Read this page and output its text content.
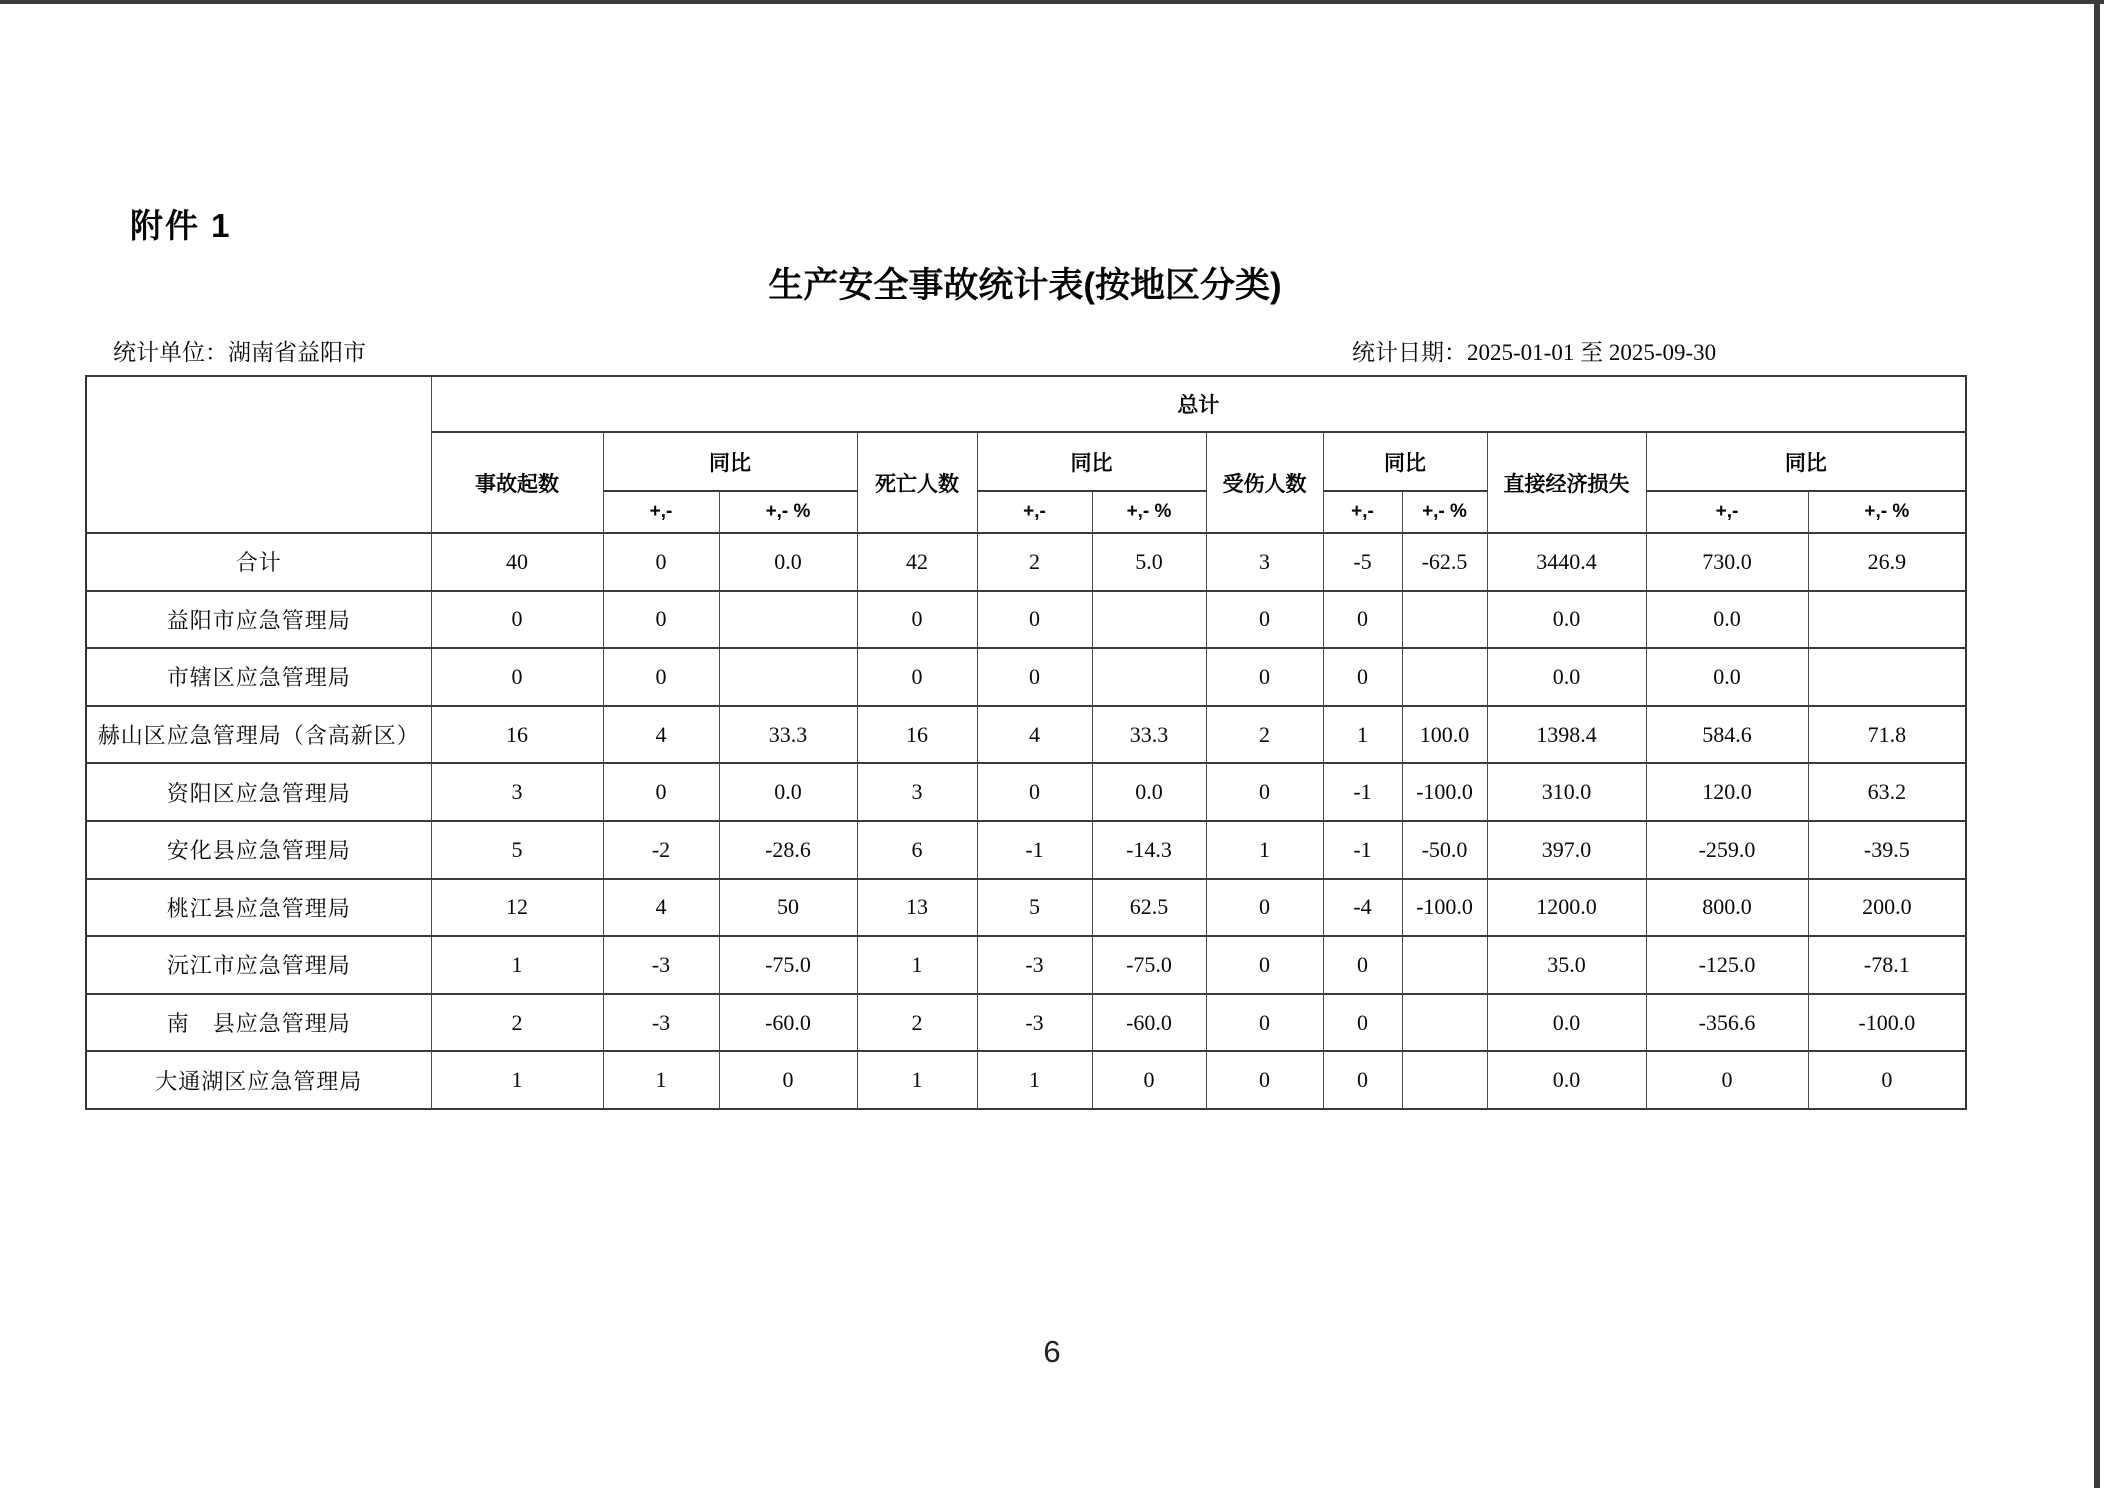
附件 1
生产安全事故统计表(按地区分类)
统计单位：湖南省益阳市	统计日期：2025-01-01 至 2025-09-30
	总计											
	事故起数	同比		死亡人数	同比		受伤人数	同比		直接经济损失	同比	
		+,-	+,- %		+,-	+,- %		+,-	+,- %		+,-	+,- %
合计	40	0	0.0	42	2	5.0	3	-5	-62.5	3440.4	730.0	26.9
益阳市应急管理局	0	0		0	0		0	0		0.0	0.0	
市辖区应急管理局	0	0		0	0		0	0		0.0	0.0	
赫山区应急管理局（含高新区）	16	4	33.3	16	4	33.3	2	1	100.0	1398.4	584.6	71.8
资阳区应急管理局	3	0	0.0	3	0	0.0	0	-1	-100.0	310.0	120.0	63.2
安化县应急管理局	5	-2	-28.6	6	-1	-14.3	1	-1	-50.0	397.0	-259.0	-39.5
桃江县应急管理局	12	4	50	13	5	62.5	0	-4	-100.0	1200.0	800.0	200.0
沅江市应急管理局	1	-3	-75.0	1	-3	-75.0	0	0		35.0	-125.0	-78.1
南　县应急管理局	2	-3	-60.0	2	-3	-60.0	0	0		0.0	-356.6	-100.0
大通湖区应急管理局	1	1	0	1	1	0	0	0		0.0	0	0
6
